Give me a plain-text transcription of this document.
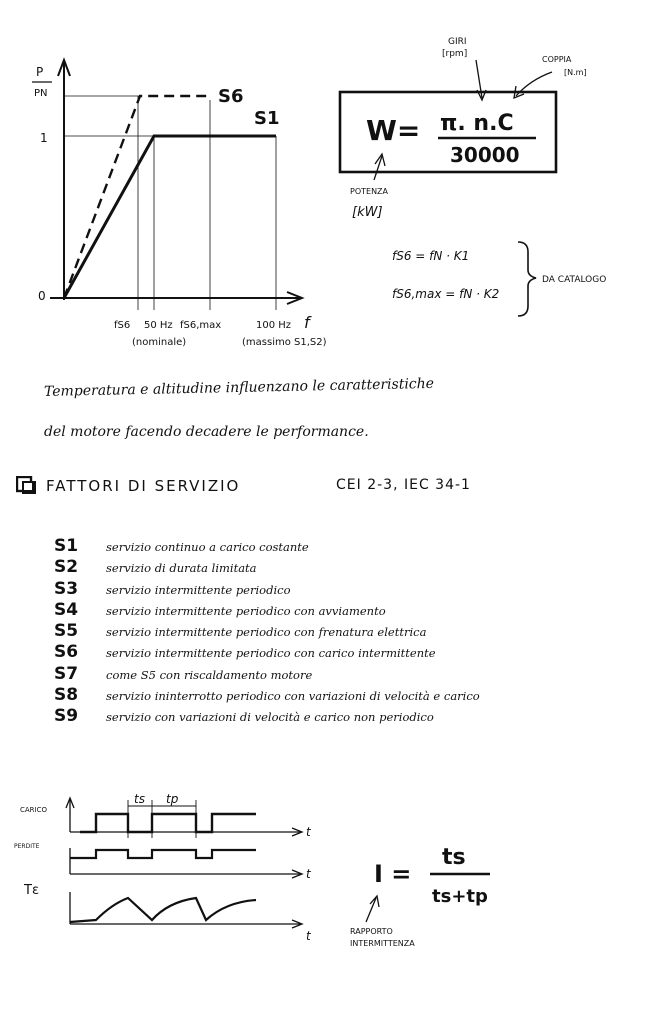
P
PN
1
0
S6
S1
f
fS6 50 Hz fS6,max	100 Hz
(nominale)	(massimo S1,S2)
GIRI
[rpm]
COPPIA
[N.m]
W= π. n.C
30000
POTENZA
[kW]
fS6 = fN · K1
fS6,max = fN · K2
DA CATALOGO
Temperatura e altitudine influenzano le caratteristiche
del motore facendo decadere le performance.
FATTORI DI SERVIZIO	CEI 2-3, IEC 34-1
S1 servizio continuo a carico costante
S2 servizio di durata limitata
S3 servizio intermittente periodico
S4 servizio intermittente periodico con avviamento
S5 servizio intermittente periodico con frenatura elettrica
S6 servizio intermittente periodico con carico intermittente
S7 come S5 con riscaldamento motore
S8 servizio ininterrotto periodico con variazioni di velocità e carico
S9 servizio con variazioni di velocità e carico non periodico
CARICO
PERDITE
Tε
t
t
t
ts tp
I =
ts
ts+tp
RAPPORTO
INTERMITTENZA
